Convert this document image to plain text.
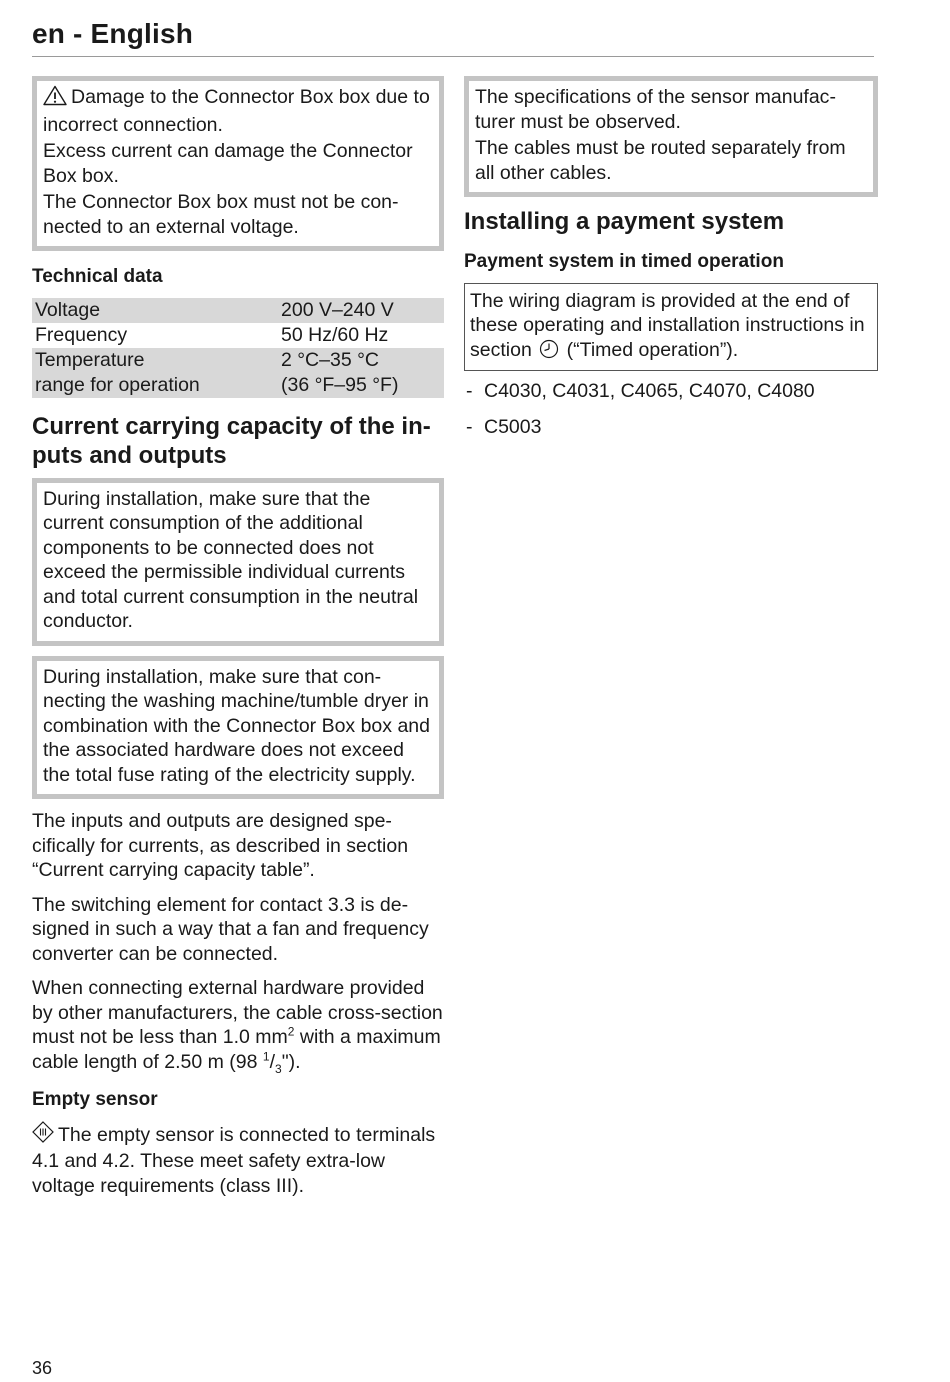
en - English

Damage to the Connector Box box due to incorrect connection.

Excess current can damage the Connector Box box.

The Connector Box box must not be connected to an external voltage.

Technical data
Voltage	200 V–240 V
Frequency	50 Hz/60 Hz
Temperature	2 °C–35 °C
range for operation	(36 °F–95 °F)
Current carrying capacity of the inputs and outputs

During installation, make sure that the current consumption of the additional components to be connected does not exceed the permissible individual currents and total current consumption in the neutral conductor.

During installation, make sure that connecting the washing machine/tumble dryer in combination with the Connector Box box and the associated hardware does not exceed the total fuse rating of the electricity supply.

The inputs and outputs are designed specifically for currents, as described in section “Current carrying capacity table”.

The switching element for contact 3.3 is designed in such a way that a fan and frequency converter can be connected.

When connecting external hardware provided by other manufacturers, the cable cross-section must not be less than 1.0 $mm^2$ with a maximum cable length of 2.50 m (98 $^1/_3$").

Empty sensor

The empty sensor is connected to terminals 4.1 and 4.2. These meet safety extra-low voltage requirements (class III).

The specifications of the sensor manufacturer must be observed.

The cables must be routed separately from all other cables.

Installing a payment system
Payment system in timed operation

The wiring diagram is provided at the end of these operating and installation instructions in section (“Timed operation”).

- C4030, C4031, C4065, C4070, C4080
- C5003
36
